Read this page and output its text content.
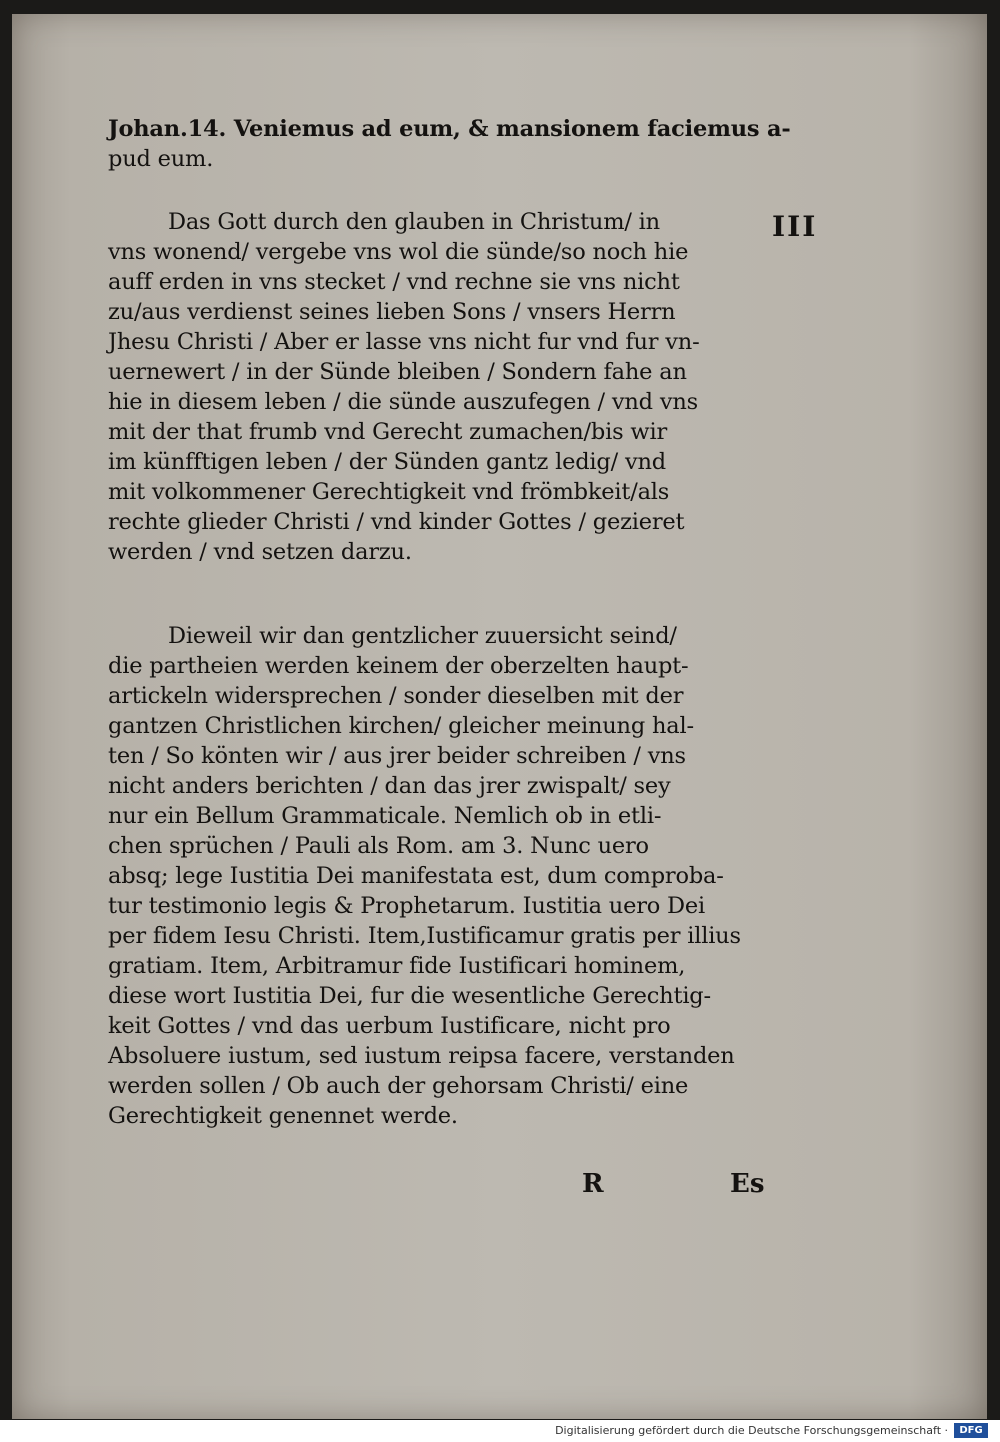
III
Johan.14. Veniemus ad eum, & mansionem faciemus a-
pud eum.
Das Gott durch den glauben in Christum/ in
vns wonend/ vergebe vns wol die sünde/so noch hie
auff erden in vns stecket / vnd rechne sie vns nicht
zu/aus verdienst seines lieben Sons / vnsers Herrn
Jhesu Christi / Aber er lasse vns nicht fur vnd fur vn-
uernewert / in der Sünde bleiben / Sondern fahe an
hie in diesem leben / die sünde auszufegen / vnd vns
mit der that frumb vnd Gerecht zumachen/bis wir
im künfftigen leben / der Sünden gantz ledig/ vnd
mit volkommener Gerechtigkeit vnd frömbkeit/als
rechte glieder Christi / vnd kinder Gottes / gezieret
werden / vnd setzen darzu.
Dieweil wir dan gentzlicher zuuersicht seind/
die partheien werden keinem der oberzelten haupt-
artickeln widersprechen / sonder dieselben mit der
gantzen Christlichen kirchen/ gleicher meinung hal-
ten / So könten wir / aus jrer beider schreiben / vns
nicht anders berichten / dan das jrer zwispalt/ sey
nur ein Bellum Grammaticale. Nemlich ob in etli-
chen sprüchen / Pauli als Rom. am 3. Nunc uero
absq; lege Iustitia Dei manifestata est, dum comproba-
tur testimonio legis & Prophetarum. Iustitia uero Dei
per fidem Iesu Christi. Item,Iustificamur gratis per illius
gratiam. Item, Arbitramur fide Iustificari hominem,
diese wort Iustitia Dei, fur die wesentliche Gerechtig-
keit Gottes / vnd das uerbum Iustificare, nicht pro
Absoluere iustum, sed iustum reipsa facere, verstanden
werden sollen / Ob auch der gehorsam Christi/ eine
Gerechtigkeit genennet werde.
R	Es
Digitalisierung gefördert durch die Deutsche Forschungsgemeinschaft ·	DFG
